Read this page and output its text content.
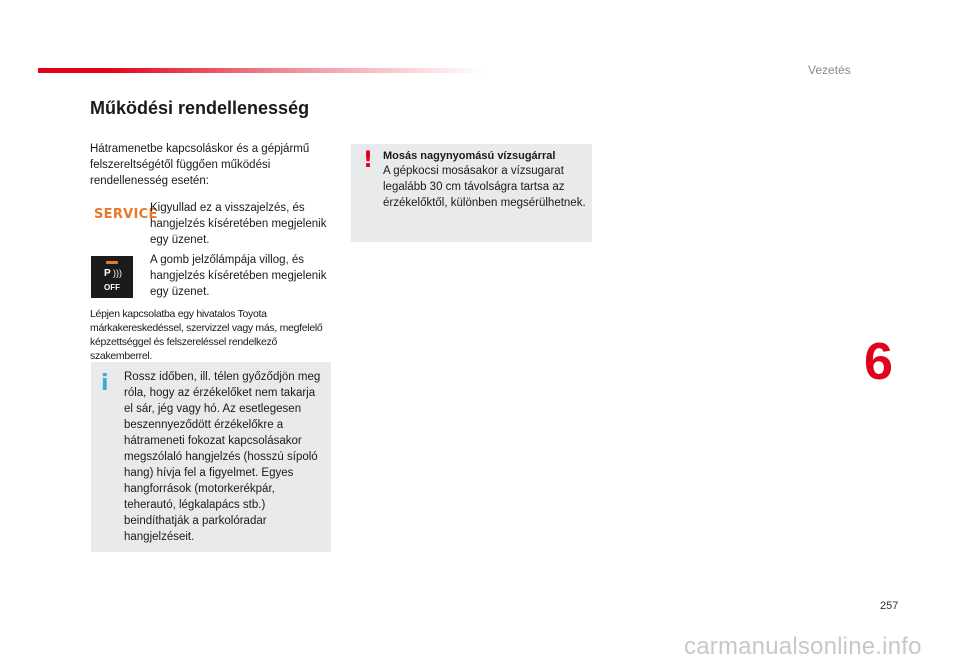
Vezetés
Működési rendellenesség
Hátramenetbe kapcsoláskor és a gépjármű felszereltségétől függően működési rendellenesség esetén:
SERVICE
Kigyullad ez a visszajelzés, és hangjelzés kíséretében megjelenik egy üzenet.
P )))
OFF
A gomb jelzőlámpája villog, és hangjelzés kíséretében megjelenik egy üzenet.
Lépjen kapcsolatba egy hivatalos Toyota márkakereskedéssel, szervizzel vagy más, megfelelő képzettséggel és felszereléssel rendelkező szakemberrel.
i Rossz időben, ill. télen győződjön meg róla, hogy az érzékelőket nem takarja el sár, jég vagy hó. Az esetlegesen beszennyeződött érzékelőkre a hátrameneti fokozat kapcsolásakor megszólaló hangjelzés (hosszú sípoló hang) hívja fel a figyelmet. Egyes hangforrások (motorkerékpár, teherautó, légkalapács stb.) beindíthatják a parkolóradar hangjelzéseit.
! Mosás nagynyomású vízsugárral
A gépkocsi mosásakor a vízsugarat legalább 30 cm távolságra tartsa az érzékelőktől, különben megsérülhetnek.
6
257
carmanualsonline.info
